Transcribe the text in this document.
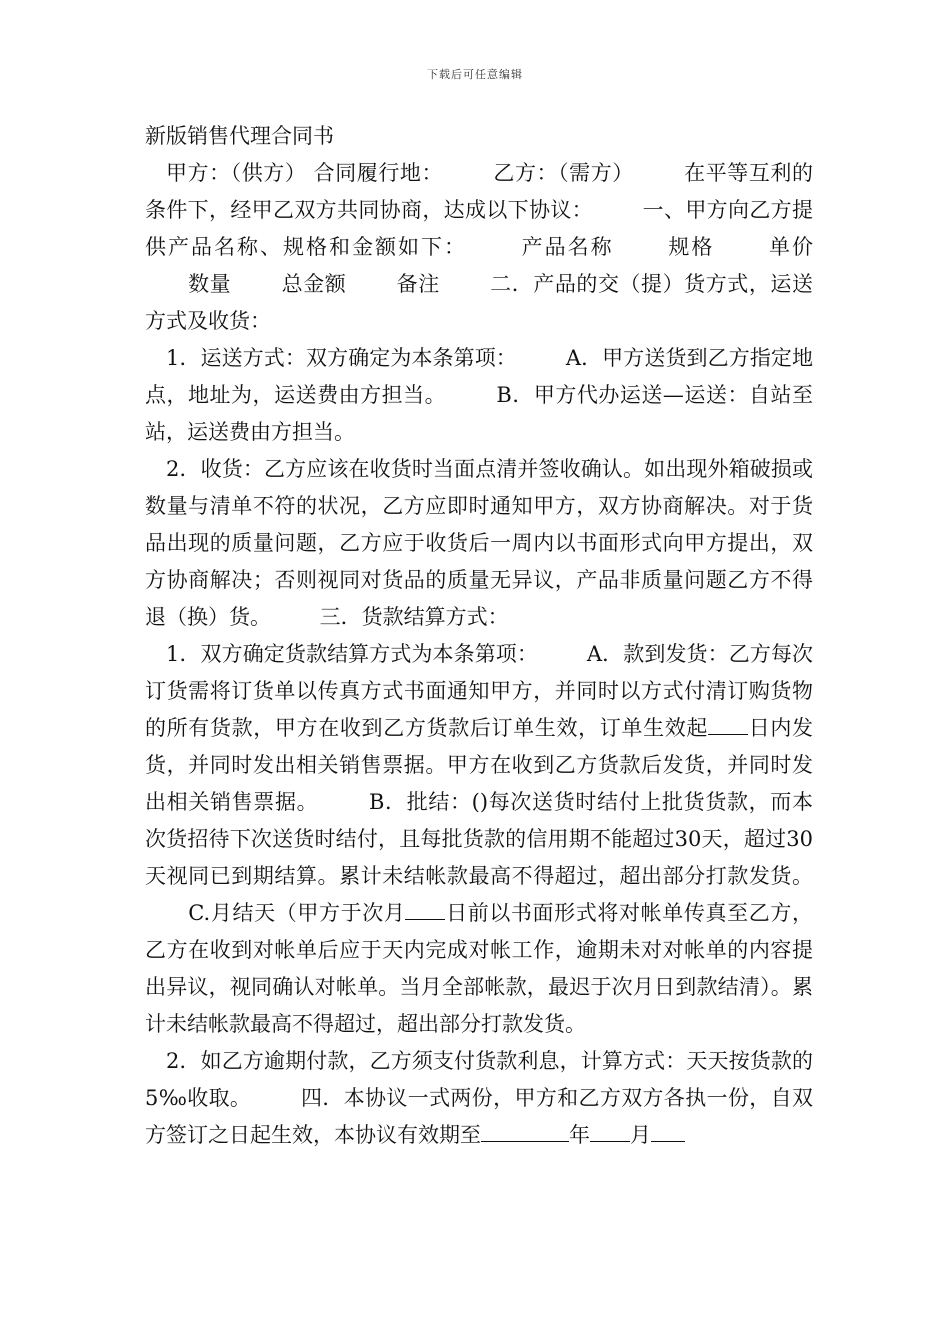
下载后可任意编辑
新版销售代理合同书

甲方：（供方） 合同履行地： 　　乙方：（需方） 　　在平等互利的条件下，经甲乙双方共同协商，达成以下协议： 　　一、甲方向乙方提供产品名称、规格和金额如下： 　　产品名称 　　规格 　　单价 　　数量 　　总金额 　　备注 　　二．产品的交（提）货方式，运送方式及收货：

1．运送方式：双方确定为本条第项： 　　A．甲方送货到乙方指定地点，地址为，运送费由方担当。 　　B．甲方代办运送—运送：自站至站，运送费由方担当。

2．收货：乙方应该在收货时当面点清并签收确认。如出现外箱破损或数量与清单不符的状况，乙方应即时通知甲方，双方协商解决。对于货品出现的质量问题，乙方应于收货后一周内以书面形式向甲方提出，双方协商解决；否则视同对货品的质量无异议，产品非质量问题乙方不得退（换）货。 　　三．货款结算方式：

1．双方确定货款结算方式为本条第项： 　　A．款到发货：乙方每次订货需将订货单以传真方式书面通知甲方，并同时以方式付清订购货物的所有货款，甲方在收到乙方货款后订单生效，订单生效起 日内发货，并同时发出相关销售票据。甲方在收到乙方货款后发货，并同时发出相关销售票据。 　　B．批结：()每次送货时结付上批货货款，而本次货招待下次送货时结付，且每批货款的信用期不能超过30天，超过30天视同已到期结算。累计未结帐款最高不得超过，超出部分打款发货。 　　C.月结天（甲方于次月 日前以书面形式将对帐单传真至乙方，乙方在收到对帐单后应于天内完成对帐工作，逾期未对对帐单的内容提出异议，视同确认对帐单。当月全部帐款，最迟于次月日到款结清）。累计未结帐款最高不得超过，超出部分打款发货。

2．如乙方逾期付款，乙方须支付货款利息，计算方式：天天按货款的5‰收取。 　　四．本协议一式两份，甲方和乙方双方各执一份，自双方签订之日起生效，本协议有效期至	年 月
